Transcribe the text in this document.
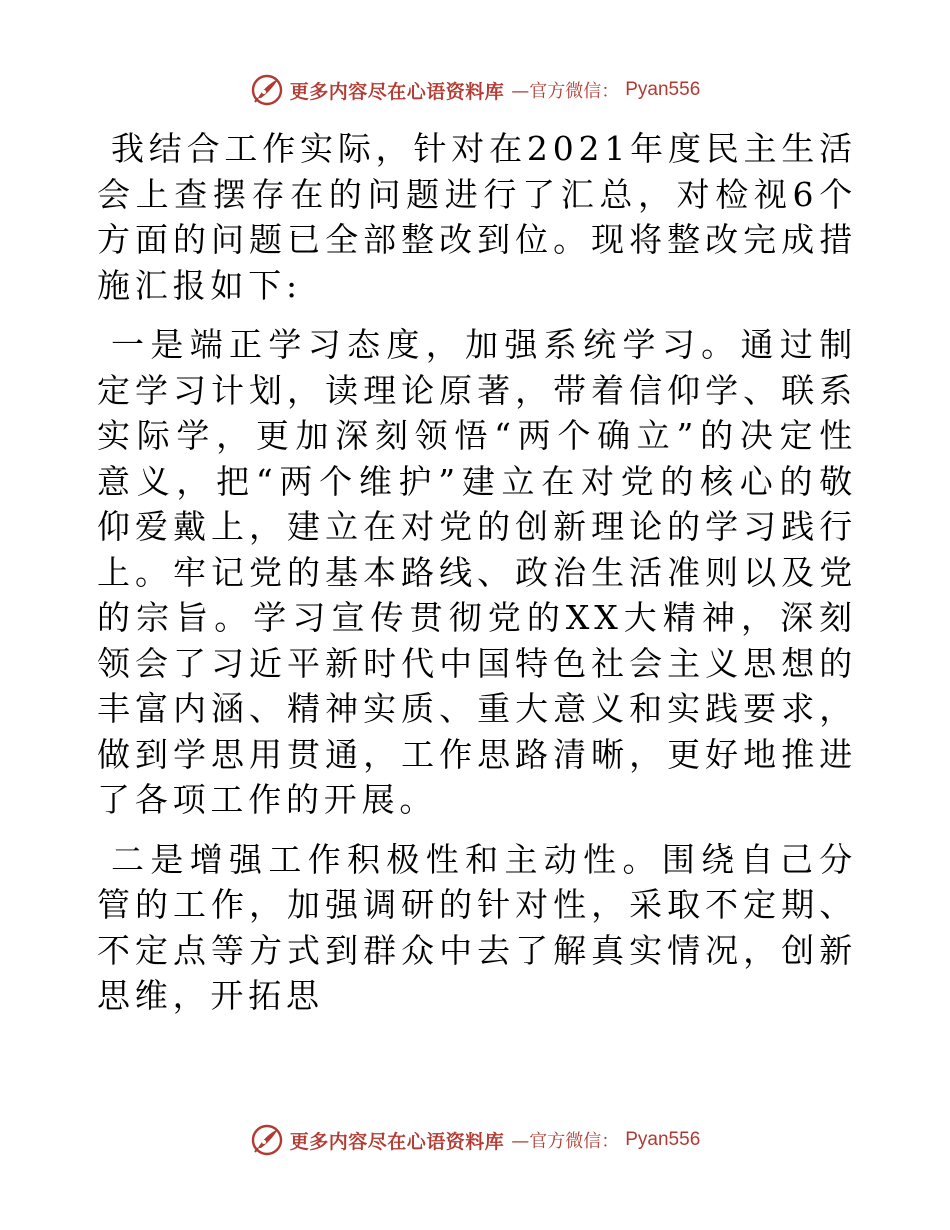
更多内容尽在心语资料库 —官方微信： Pyan556

我结合工作实际，针对在2021年度民主生活会上查摆存在的问题进行了汇总，对检视6个方面的问题已全部整改到位。现将整改完成措施汇报如下:

一是端正学习态度，加强系统学习。通过制定学习计划，读理论原著，带着信仰学、联系实际学，更加深刻领悟“两个确立”的决定性意义，把“两个维护”建立在对党的核心的敬仰爱戴上，建立在对党的创新理论的学习践行上。牢记党的基本路线、政治生活准则以及党的宗旨。学习宣传贯彻党的XX大精神，深刻领会了习近平新时代中国特色社会主义思想的丰富内涵、精神实质、重大意义和实践要求，做到学思用贯通，工作思路清晰，更好地推进了各项工作的开展。

二是增强工作积极性和主动性。围绕自己分管的工作，加强调研的针对性，采取不定期、不定点等方式到群众中去了解真实情况，创新思维，开拓思

更多内容尽在心语资料库 —官方微信： Pyan556
